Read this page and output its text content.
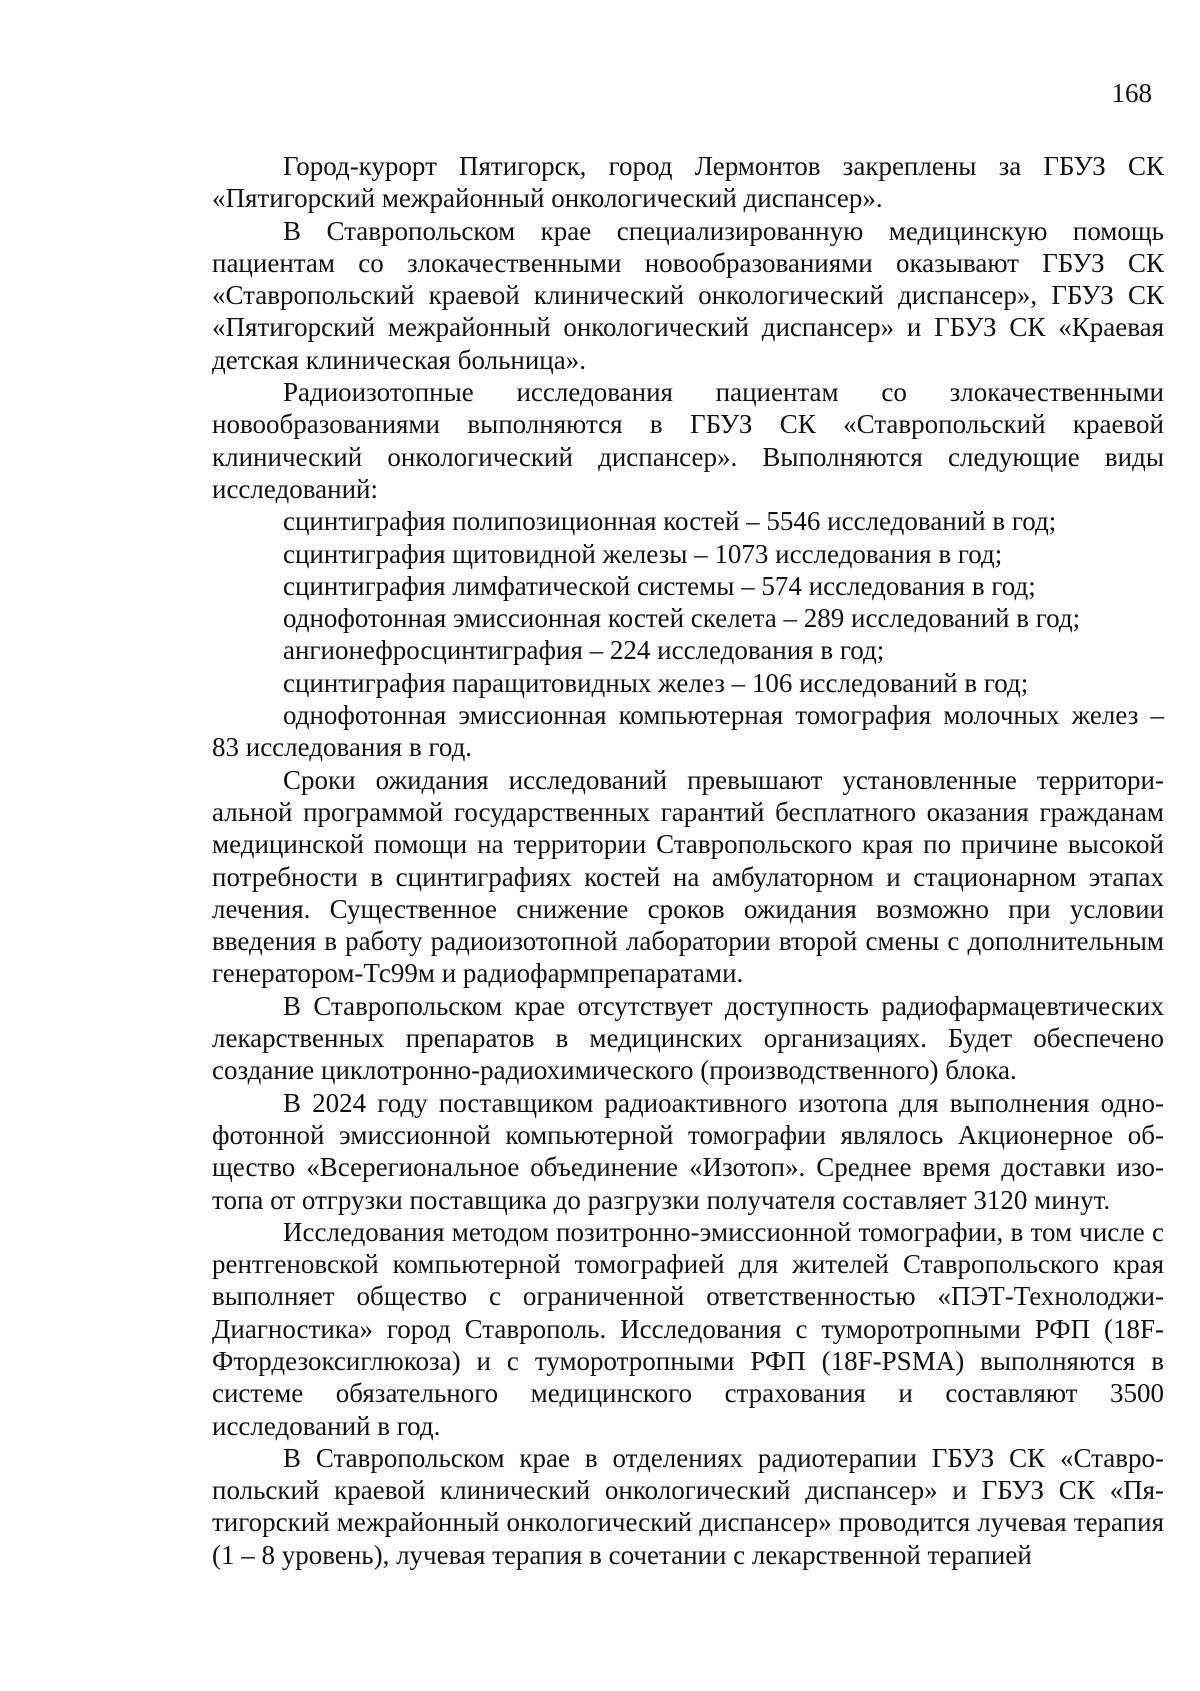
168

Город-курорт Пятигорск, город Лермонтов закреплены за ГБУЗ СК «Пятигорский межрайонный онкологический диспансер».

В Ставропольском крае специализированную медицинскую помощь пациентам со злокачественными новообразованиями оказывают ГБУЗ СК «Ставропольский краевой клинический онкологический диспансер», ГБУЗ СК «Пятигорский межрайонный онкологический диспансер» и ГБУЗ СК «Краевая детская клиническая больница».

Радиоизотопные исследования пациентам со злокачественными новообразованиями выполняются в ГБУЗ СК «Ставропольский краевой клинический онкологический диспансер». Выполняются следующие виды исследований:

сцинтиграфия полипозиционная костей – 5546 исследований в год;

сцинтиграфия щитовидной железы – 1073 исследования в год;

сцинтиграфия лимфатической системы – 574 исследования в год;

однофотонная эмиссионная костей скелета – 289 исследований в год;

ангионефросцинтиграфия – 224 исследования в год;

сцинтиграфия паращитовидных желез – 106 исследований в год;

однофотонная эмиссионная компьютерная томография молочных желез – 83 исследования в год.

Сроки ожидания исследований превышают установленные территориальной программой государственных гарантий бесплатного оказания гражданам медицинской помощи на территории Ставропольского края по причине высокой потребности в сцинтиграфиях костей на амбулаторном и стационарном этапах лечения. Существенное снижение сроков ожидания возможно при условии введения в работу радиоизотопной лаборатории второй смены с дополнительным генератором-Тс99м и радиофармпрепаратами.

В Ставропольском крае отсутствует доступность радиофармацевтических лекарственных препаратов в медицинских организациях. Будет обеспечено создание циклотронно-радиохимического (производственного) блока.

В 2024 году поставщиком радиоактивного изотопа для выполнения однофотонной эмиссионной компьютерной томографии являлось Акционерное общество «Всерегиональное объединение «Изотоп». Среднее время доставки изотопа от отгрузки поставщика до разгрузки получателя составляет 3120 минут.

Исследования методом позитронно-эмиссионной томографии, в том числе с рентгеновской компьютерной томографией для жителей Ставропольского края выполняет общество с ограниченной ответственностью «ПЭТ-Технолоджи-Диагностика» город Ставрополь. Исследования с туморотропными РФП (18F-Фтордезоксиглюкоза) и с туморотропными РФП (18F-PSMA) выполняются в системе обязательного медицинского страхования и составляют 3500 исследований в год.

В Ставропольском крае в отделениях радиотерапии ГБУЗ СК «Ставропольский краевой клинический онкологический диспансер» и ГБУЗ СК «Пятигорский межрайонный онкологический диспансер» проводится лучевая терапия (1 – 8 уровень), лучевая терапия в сочетании с лекарственной терапией
